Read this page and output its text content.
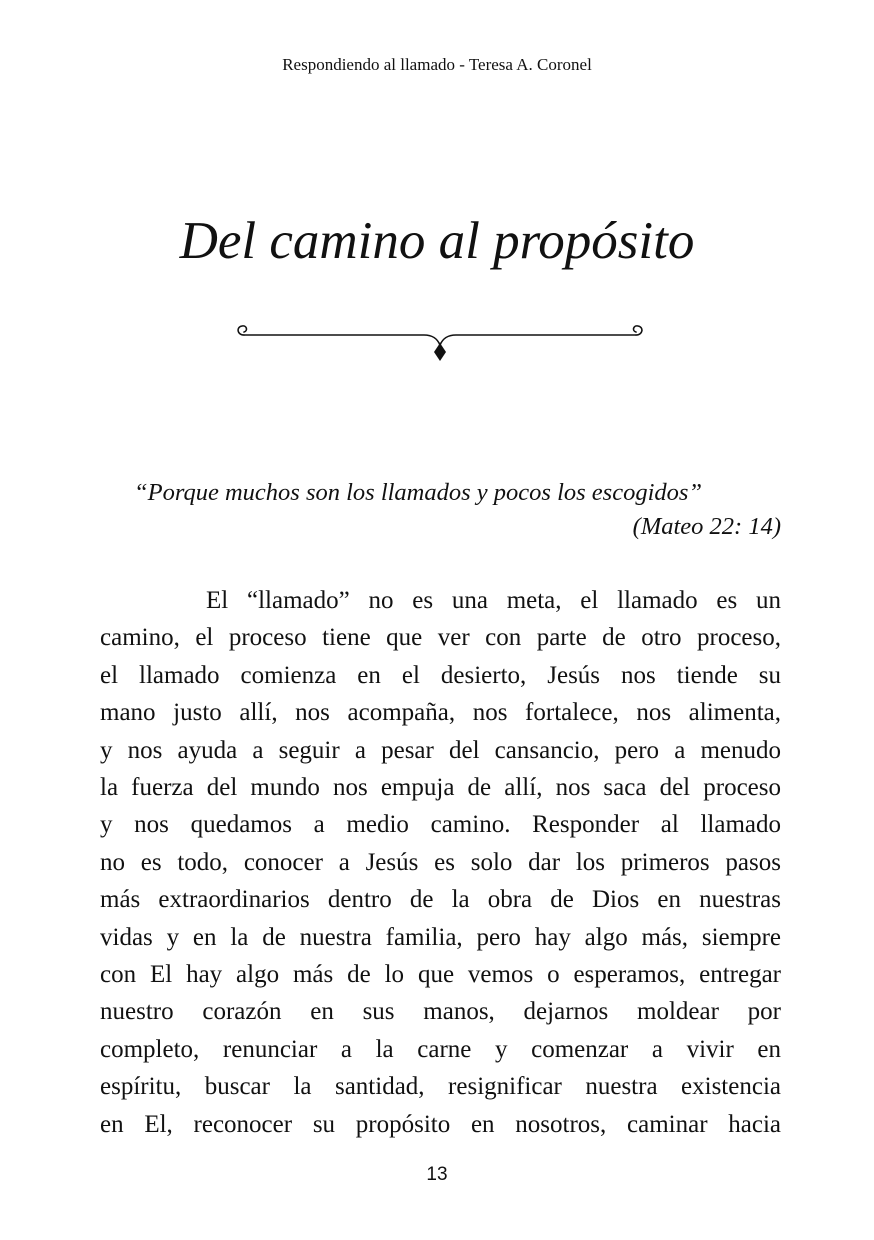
Respondiendo al llamado - Teresa A. Coronel
Del camino al propósito
“Porque muchos son los llamados y pocos los escogidos”
(Mateo 22: 14)
El “llamado” no es una meta, el llamado es un
camino, el proceso tiene que ver con parte de otro proceso,
el llamado comienza en el desierto, Jesús nos tiende su
mano justo allí, nos acompaña, nos fortalece, nos alimenta,
y nos ayuda a seguir a pesar del cansancio, pero a menudo
la fuerza del mundo nos empuja de allí, nos saca del proceso
y nos quedamos a medio camino. Responder al llamado
no es todo, conocer a Jesús es solo dar los primeros pasos
más extraordinarios dentro de la obra de Dios en nuestras
vidas y en la de nuestra familia, pero hay algo más, siempre
con El hay algo más de lo que vemos o esperamos, entregar
nuestro corazón en sus manos, dejarnos moldear por
completo, renunciar a la carne y comenzar a vivir en
espíritu, buscar la santidad, resignificar nuestra existencia
en El, reconocer su propósito en nosotros, caminar hacia
13
